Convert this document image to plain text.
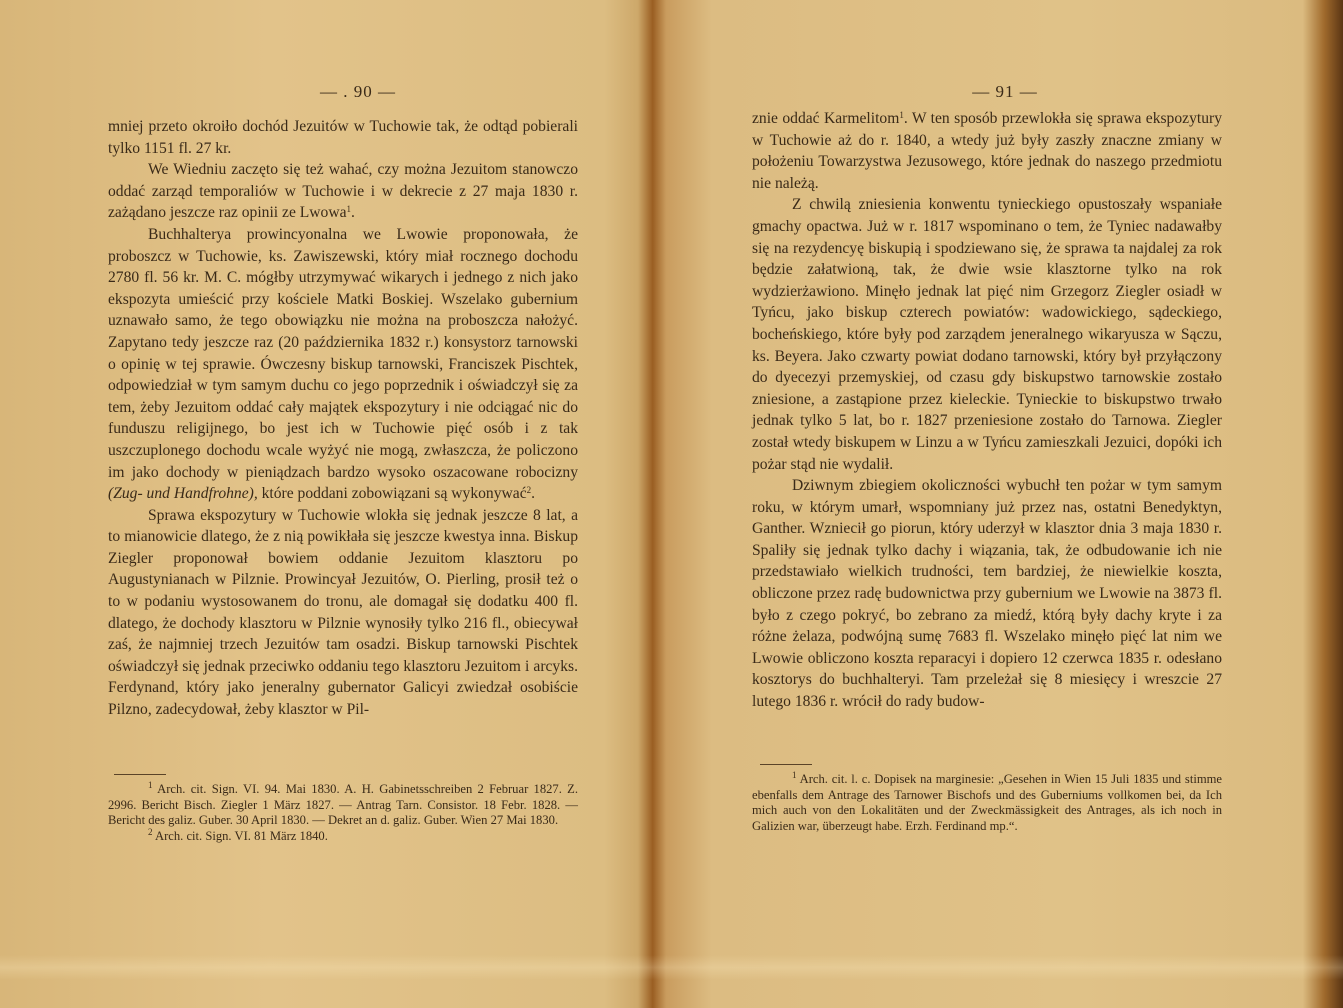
— . 90 —

mniej przeto okroiło dochód Jezuitów w Tuchowie tak, że odtąd pobierali tylko 1151 fl. 27 kr.

We Wiedniu zaczęto się też wahać, czy można Jezuitom stanowczo oddać zarząd temporaliów w Tuchowie i w dekrecie z 27 maja 1830 r. zażądano jeszcze raz opinii ze Lwowa$^1$.

Buchhalterya prowincyonalna we Lwowie proponowała, że proboszcz w Tuchowie, ks. Zawiszewski, który miał rocznego dochodu 2780 fl. 56 kr. M. C. mógłby utrzymywać wikarych i jednego z nich jako ekspozyta umieścić przy kościele Matki Boskiej. Wszelako gubernium uznawało samo, że tego obowiązku nie można na proboszcza nałożyć. Zapytano tedy jeszcze raz (20 października 1832 r.) konsystorz tarnowski o opinię w tej sprawie. Ówczesny biskup tarnowski, Franciszek Pischtek, odpowiedział w tym samym duchu co jego poprzednik i oświadczył się za tem, żeby Jezuitom oddać cały majątek ekspozytury i nie odciągać nic do funduszu religijnego, bo jest ich w Tuchowie pięć osób i z tak uszczuplonego dochodu wcale wyżyć nie mogą, zwłaszcza, że policzono im jako dochody w pieniądzach bardzo wysoko oszacowane robocizny (Zug- und Handfrohne), które poddani zobowiązani są wykonywać$^2$.

Sprawa ekspozytury w Tuchowie wlokła się jednak jeszcze 8 lat, a to mianowicie dlatego, że z nią powikłała się jeszcze kwestya inna. Biskup Ziegler proponował bowiem oddanie Jezuitom klasztoru po Augustynianach w Pilznie. Prowincyał Jezuitów, O. Pierling, prosił też o to w podaniu wystosowanem do tronu, ale domagał się dodatku 400 fl. dlatego, że dochody klasztoru w Pilznie wynosiły tylko 216 fl., obiecywał zaś, że najmniej trzech Jezuitów tam osadzi. Biskup tarnowski Pischtek oświadczył się jednak przeciwko oddaniu tego klasztoru Jezuitom i arcyks. Ferdynand, który jako jeneralny gubernator Galicyi zwiedzał osobiście Pilzno, zadecydował, żeby klasztor w Pil-

$^1$ Arch. cit. Sign. VI. 94. Mai 1830. A. H. Gabinetsschreiben 2 Februar 1827. Z. 2996. Bericht Bisch. Ziegler 1 März 1827. — Antrag Tarn. Consistor. 18 Febr. 1828. — Bericht des galiz. Guber. 30 April 1830. — Dekret an d. galiz. Guber. Wien 27 Mai 1830.

$^2$ Arch. cit. Sign. VI. 81 März 1840.

— 91 —

znie oddać Karmelitom$^1$. W ten sposób przewlokła się sprawa ekspozytury w Tuchowie aż do r. 1840, a wtedy już były zaszły znaczne zmiany w położeniu Towarzystwa Jezusowego, które jednak do naszego przedmiotu nie należą.

Z chwilą zniesienia konwentu tynieckiego opustoszały wspaniałe gmachy opactwa. Już w r. 1817 wspominano o tem, że Tyniec nadawałby się na rezydencyę biskupią i spodziewano się, że sprawa ta najdalej za rok będzie załatwioną, tak, że dwie wsie klasztorne tylko na rok wydzierżawiono. Minęło jednak lat pięć nim Grzegorz Ziegler osiadł w Tyńcu, jako biskup czterech powiatów: wadowickiego, sądeckiego, bocheńskiego, które były pod zarządem jeneralnego wikaryusza w Sączu, ks. Beyera. Jako czwarty powiat dodano tarnowski, który był przyłączony do dyecezyi przemyskiej, od czasu gdy biskupstwo tarnowskie zostało zniesione, a zastąpione przez kieleckie. Tynieckie to biskupstwo trwało jednak tylko 5 lat, bo r. 1827 przeniesione zostało do Tarnowa. Ziegler został wtedy biskupem w Linzu a w Tyńcu zamieszkali Jezuici, dopóki ich pożar stąd nie wydalił.

Dziwnym zbiegiem okoliczności wybuchł ten pożar w tym samym roku, w którym umarł, wspomniany już przez nas, ostatni Benedyktyn, Ganther. Wzniecił go piorun, który uderzył w klasztor dnia 3 maja 1830 r. Spaliły się jednak tylko dachy i wiązania, tak, że odbudowanie ich nie przedstawiało wielkich trudności, tem bardziej, że niewielkie koszta, obliczone przez radę budownictwa przy gubernium we Lwowie na 3873 fl. było z czego pokryć, bo zebrano za miedź, którą były dachy kryte i za różne żelaza, podwójną sumę 7683 fl. Wszelako minęło pięć lat nim we Lwowie obliczono koszta reparacyi i dopiero 12 czerwca 1835 r. odesłano kosztorys do buchhalteryi. Tam przeleżał się 8 miesięcy i wreszcie 27 lutego 1836 r. wrócił do rady budow-

$^1$ Arch. cit. l. c. Dopisek na marginesie: „Gesehen in Wien 15 Juli 1835 und stimme ebenfalls dem Antrage des Tarnower Bischofs und des Guberniums vollkomen bei, da Ich mich auch von den Lokalitäten und der Zweckmässigkeit des Antrages, als ich noch in Galizien war, überzeugt habe. Erzh. Ferdinand mp.“.
